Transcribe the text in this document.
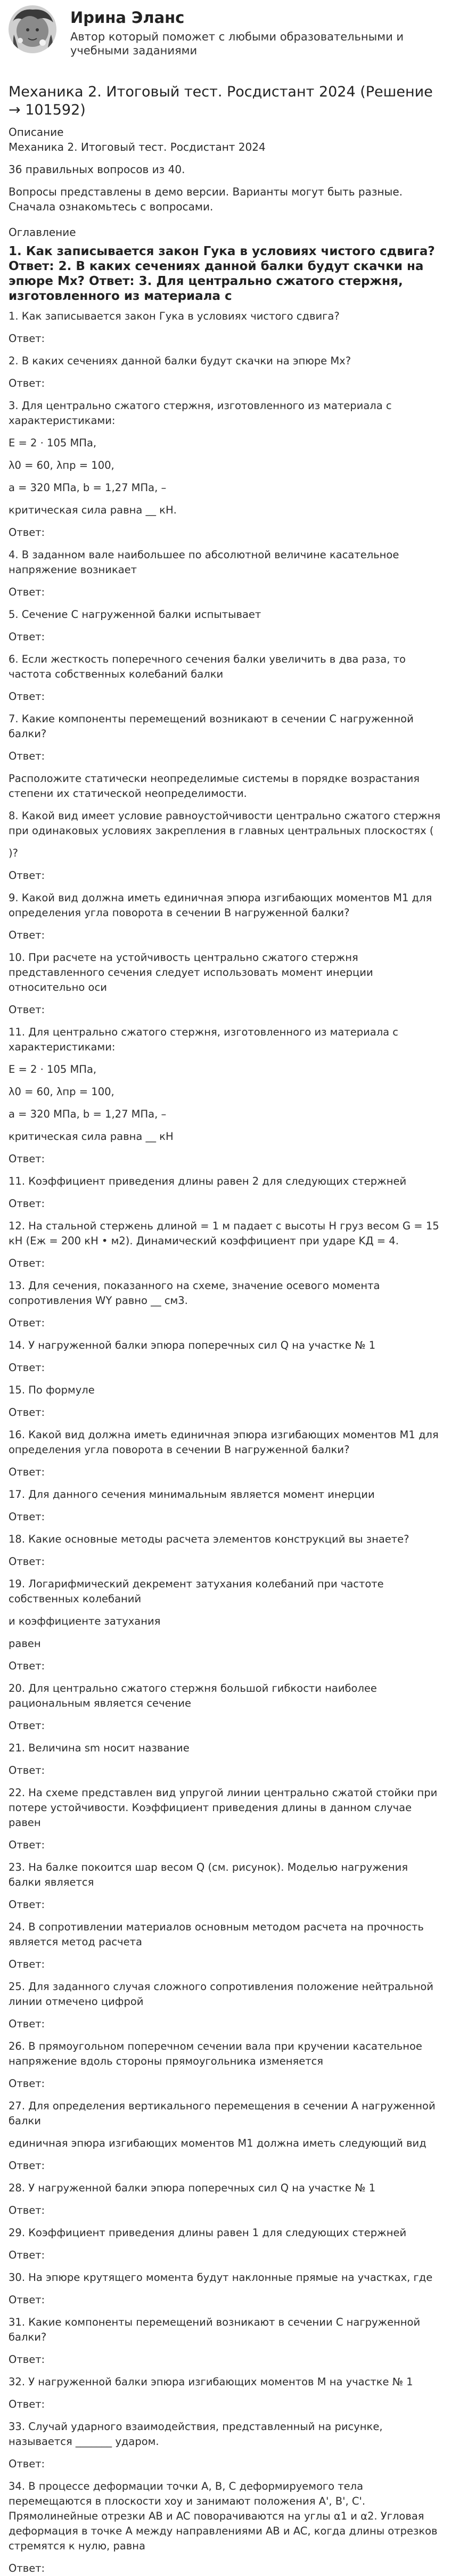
Ирина Эланс
Автор который поможет с любыми образовательными и учебными заданиями
Механика 2. Итоговый тест. Росдистант 2024 (Решение → 101592)
Описание

Механика 2. Итоговый тест. Росдистант 2024

36 правильных вопросов из 40.

Вопросы представлены в демо версии. Варианты могут быть разные. Сначала ознакомьтесь с вопросами.

Оглавление
1. Как записывается закон Гука в условиях чистого сдвига?Ответ: 2. В каких сечениях данной балки будут скачки на эпюре Mx? Ответ: 3. Для центрально сжатого стержня, изготовленного из материала с

1. Как записывается закон Гука в условиях чистого сдвига?

Ответ:

2. В каких сечениях данной балки будут скачки на эпюре Mx?

Ответ:

3. Для центрально сжатого стержня, изготовленного из материала с характеристиками:

E = 2 · 105 МПа,

λ0 = 60, λпр = 100,

a = 320 МПа, b = 1,27 МПа, –

критическая сила равна __ кН.

Ответ:

4. В заданном вале наибольшее по абсолютной величине касательное напряжение возникает

Ответ:

5. Сечение C нагруженной балки испытывает

Ответ:

6. Если жесткость поперечного сечения балки увеличить в два раза, то частота собственных колебаний балки

Ответ:

7. Какие компоненты перемещений возникают в сечении C нагруженной балки?

Ответ:

Расположите статически неопределимые системы в порядке возрастания степени их статической неопределимости.

8. Какой вид имеет условие равноустойчивости центрально сжатого стержня при одинаковых условиях закрепления в главных центральных плоскостях (

)?

Ответ:

9. Какой вид должна иметь единичная эпюра изгибающих моментов M1 для определения угла поворота в сечении B нагруженной балки?

Ответ:

10. При расчете на устойчивость центрально сжатого стержня представленного сечения следует использовать момент инерции относительно оси

Ответ:

11. Для центрально сжатого стержня, изготовленного из материала с характеристиками:

E = 2 · 105 МПа,

λ0 = 60, λпр = 100,

a = 320 МПа, b = 1,27 МПа, –

критическая сила равна __ кН

Ответ:

11. Коэффициент приведения длины равен 2 для следующих стержней

Ответ:

12. На стальной стержень длиной = 1 м падает с высоты H груз весом G = 15 кН (Eж = 200 кН • м2). Динамический коэффициент при ударе KД = 4.

Ответ:

13. Для сечения, показанного на схеме, значение осевого момента сопротивления WY равно __ см3.

Ответ:

14. У нагруженной балки эпюра поперечных сил Q на участке № 1

Ответ:

15. По формуле

Ответ:

16. Какой вид должна иметь единичная эпюра изгибающих моментов M1 для определения угла поворота в сечении B нагруженной балки?

Ответ:

17. Для данного сечения минимальным является момент инерции

Ответ:

18. Какие основные методы расчета элементов конструкций вы знаете?

Ответ:

19. Логарифмический декремент затухания колебаний при частоте собственных колебаний

и коэффициенте затухания

равен

Ответ:

20. Для центрально сжатого стержня большой гибкости наиболее рациональным является сечение

Ответ:

21. Величина sm носит название

Ответ:

22. На схеме представлен вид упругой линии центрально сжатой стойки при потере устойчивости. Коэффициент приведения длины в данном случае равен

Ответ:

23. На балке покоится шар весом Q (см. рисунок). Моделью нагружения балки является

Ответ:

24. В сопротивлении материалов основным методом расчета на прочность является метод расчета

Ответ:

25. Для заданного случая сложного сопротивления положение нейтральной линии отмечено цифрой

Ответ:

26. В прямоугольном поперечном сечении вала при кручении касательное напряжение вдоль стороны прямоугольника изменяется

Ответ:

27. Для определения вертикального перемещения в сечении A нагруженной балки

единичная эпюра изгибающих моментов M1 должна иметь следующий вид

Ответ:

28. У нагруженной балки эпюра поперечных сил Q на участке № 1

Ответ:

29. Коэффициент приведения длины равен 1 для следующих стержней

Ответ:

30. На эпюре крутящего момента будут наклонные прямые на участках, где

Ответ:

31. Какие компоненты перемещений возникают в сечении C нагруженной балки?

Ответ:

32. У нагруженной балки эпюра изгибающих моментов M на участке № 1

Ответ:

33. Случай ударного взаимодействия, представленный на рисунке, называется _______ ударом.

Ответ:

34. В процессе деформации точки A, B, C деформируемого тела перемещаются в плоскости xoy и занимают положения A', B', C'. Прямолинейные отрезки AB и AC поворачиваются на углы α1 и α2. Угловая деформация в точке A между направлениями AB и AC, когда длины отрезков стремятся к нулю, равна

Ответ:
